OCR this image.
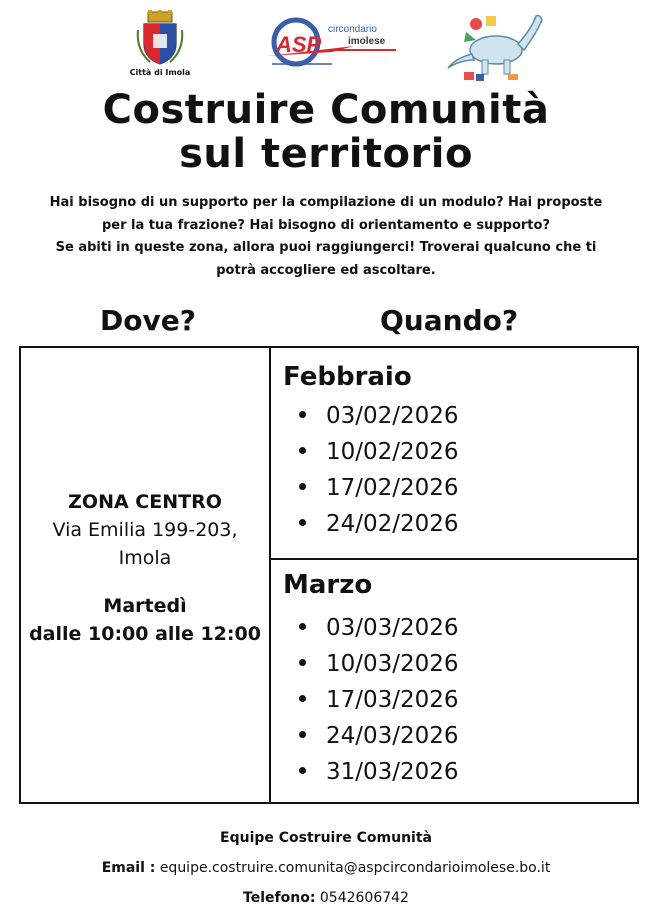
Città di Imola
ASP
circondario
imolese
Costruire Comunità
sul territorio
Hai bisogno di un supporto per la compilazione di un modulo? Hai proposte
per la tua frazione? Hai bisogno di orientamento e supporto?
Se abiti in queste zona, allora puoi raggiungerci! Troverai qualcuno che ti
potrà accogliere ed ascoltare.
Dove?	Quando?
ZONA CENTRO
Via Emilia 199-203,
Imola
Martedì
dalle 10:00 alle 12:00
Febbraio
03/02/2026
10/02/2026
17/02/2026
24/02/2026
Marzo
03/03/2026
10/03/2026
17/03/2026
24/03/2026
31/03/2026
Equipe Costruire Comunità
Email : equipe.costruire.comunita@aspcircondarioimolese.bo.it
Telefono: 0542606742
